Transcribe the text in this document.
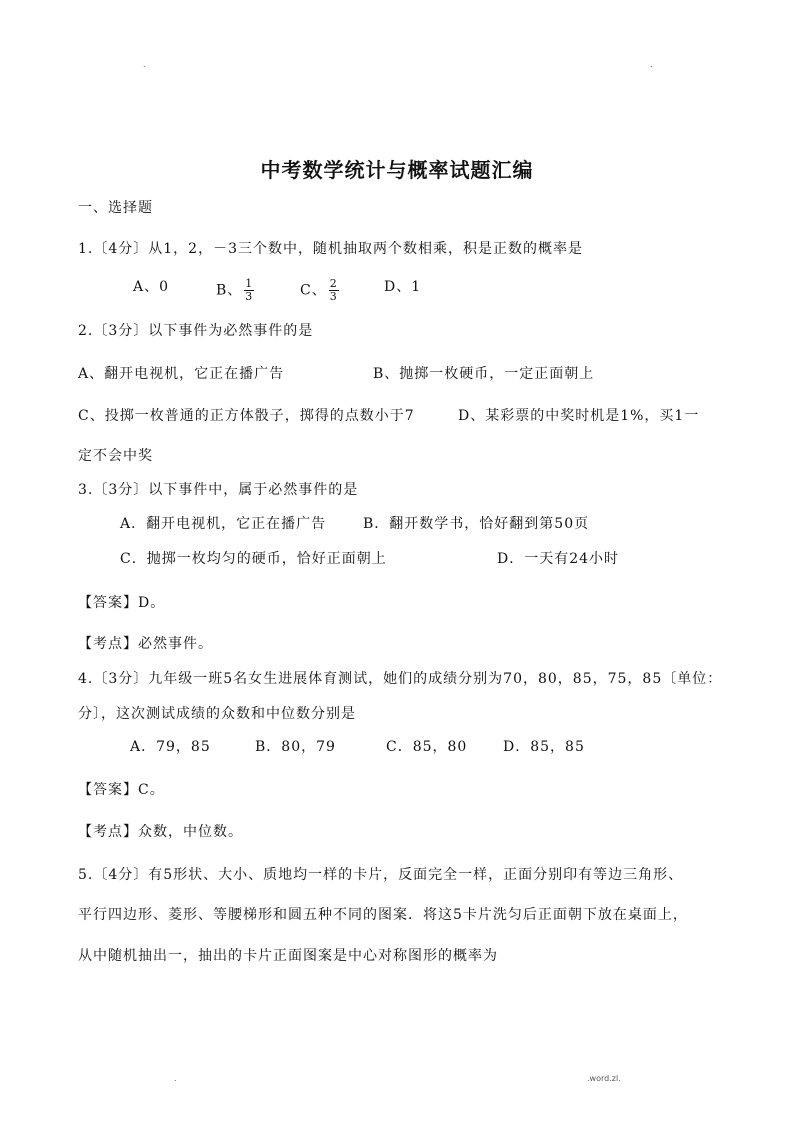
.	.
中考数学统计与概率试题汇编
一、选择题
1.〔4分〕从1，2，－3三个数中，随机抽取两个数相乘，积是正数的概率是
A、0	B、 $\frac{1}{3}$	C、 $\frac{2}{3}$	D、1
2.〔3分〕以下事件为必然事件的是
A、翻开电视机，它正在播广告	B、抛掷一枚硬币，一定正面朝上
C、投掷一枚普通的正方体骰子，掷得的点数小于7	D、某彩票的中奖时机是1%，买1一
定不会中奖
3.〔3分〕以下事件中，属于必然事件的是
A．翻开电视机，它正在播广告	B．翻开数学书，恰好翻到第50页
C．抛掷一枚均匀的硬币，恰好正面朝上	D．一天有24小时
【答案】D。
【考点】必然事件。
4.〔3分〕九年级一班5名女生进展体育测试，她们的成绩分别为70，80，85，75，85〔单位：
分〕，这次测试成绩的众数和中位数分别是
A．79，85	B．80，79	C．85，80	D．85，85
【答案】C。
【考点】众数，中位数。
5.〔4分〕有5形状、大小、质地均一样的卡片，反面完全一样，正面分别印有等边三角形、
平行四边形、菱形、等腰梯形和圆五种不同的图案．将这5卡片洗匀后正面朝下放在桌面上，
从中随机抽出一，抽出的卡片正面图案是中心对称图形的概率为
.	.word.zl.
